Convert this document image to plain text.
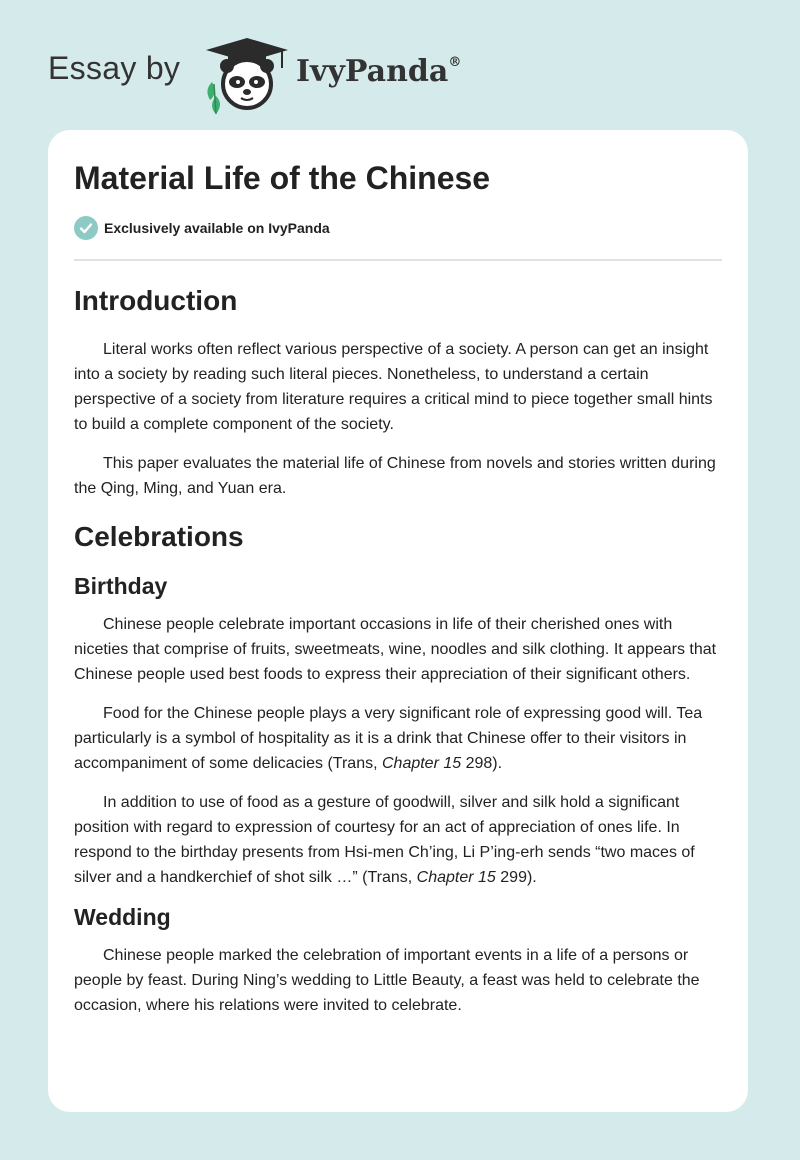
Essay by	IvyPanda®
Material Life of the Chinese
Exclusively available on IvyPanda
Introduction

Literal works often reflect various perspective of a society. A person can get an insight into a society by reading such literal pieces. Nonetheless, to understand a certain perspective of a society from literature requires a critical mind to piece together small hints to build a complete component of the society.

This paper evaluates the material life of Chinese from novels and stories written during the Qing, Ming, and Yuan era.

Celebrations
Birthday

Chinese people celebrate important occasions in life of their cherished ones with niceties that comprise of fruits, sweetmeats, wine, noodles and silk clothing. It appears that Chinese people used best foods to express their appreciation of their significant others.

Food for the Chinese people plays a very significant role of expressing good will. Tea particularly is a symbol of hospitality as it is a drink that Chinese offer to their visitors in accompaniment of some delicacies (Trans, Chapter 15 298).

In addition to use of food as a gesture of goodwill, silver and silk hold a significant position with regard to expression of courtesy for an act of appreciation of ones life. In respond to the birthday presents from Hsi-men Ch’ing, Li P’ing-erh sends “two maces of silver and a handkerchief of shot silk …” (Trans, Chapter 15 299).

Wedding

Chinese people marked the celebration of important events in a life of a persons or people by feast. During Ning’s wedding to Little Beauty, a feast was held to celebrate the occasion, where his relations were invited to celebrate.
